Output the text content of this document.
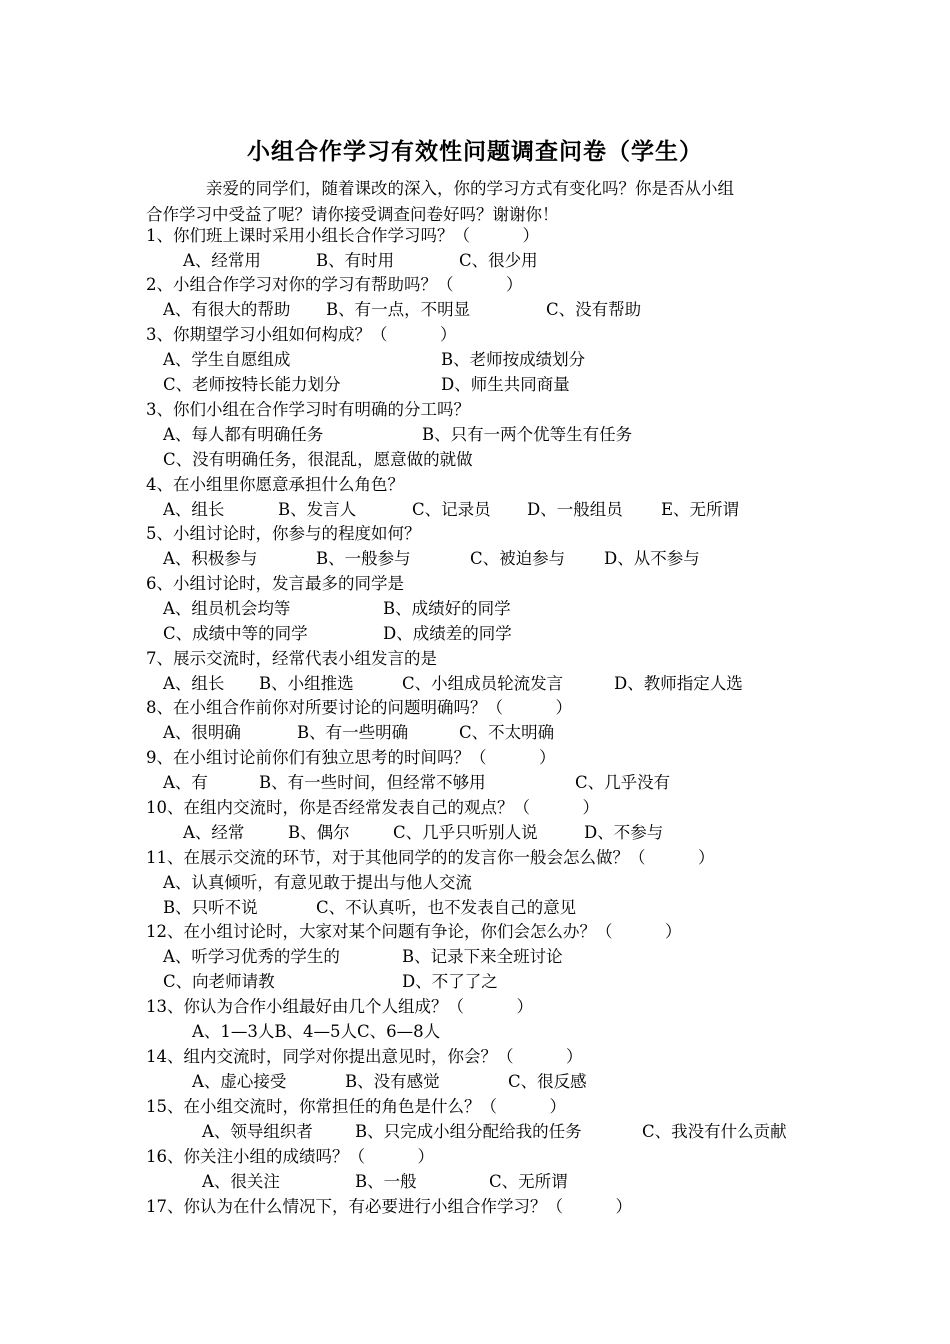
小组合作学习有效性问题调查问卷（学生）
亲爱的同学们，随着课改的深入，你的学习方式有变化吗？你是否从小组
合作学习中受益了呢？请你接受调查问卷好吗？谢谢你！
1、你们班上课时采用小组长合作学习吗？（          ）
A、经常用	B、有时用	C、很少用
2、小组合作学习对你的学习有帮助吗？（          ）
A、有很大的帮助 B、有一点，不明显	C、没有帮助
3、你期望学习小组如何构成？（          ）
A、学生自愿组成	B、老师按成绩划分
C、老师按特长能力划分	D、师生共同商量
3、你们小组在合作学习时有明确的分工吗？
A、每人都有明确任务	B、只有一两个优等生有任务
C、没有明确任务，很混乱，愿意做的就做
4、在小组里你愿意承担什么角色？
A、组长	B、发言人	C、记录员 D、一般组员 E、无所谓
5、小组讨论时，你参与的程度如何？
A、积极参与	B、一般参与	C、被迫参与 D、从不参与
6、小组讨论时，发言最多的同学是
A、组员机会均等	B、成绩好的同学
C、成绩中等的同学	D、成绩差的同学
7、展示交流时，经常代表小组发言的是
A、组长 B、小组推选	C、小组成员轮流发言	D、教师指定人选
8、在小组合作前你对所要讨论的问题明确吗？（          ）
A、很明确	B、有一些明确	C、不太明确
9、在小组讨论前你们有独立思考的时间吗？（          ）
A、有	B、有一些时间，但经常不够用	C、几乎没有
10、在组内交流时，你是否经常发表自己的观点？（          ）
A、经常	B、偶尔	C、几乎只听别人说	D、不参与
11、在展示交流的环节，对于其他同学的的发言你一般会怎么做？（          ）
A、认真倾听，有意见敢于提出与他人交流
B、只听不说	C、不认真听，也不发表自己的意见
12、在小组讨论时，大家对某个问题有争论，你们会怎么办？（          ）
A、听学习优秀的学生的	B、记录下来全班讨论
C、向老师请教	D、不了了之
13、你认为合作小组最好由几个人组成？（          ）
A、1—3人B、4—5人C、6—8人
14、组内交流时，同学对你提出意见时，你会？（          ）
A、虚心接受	B、没有感觉	C、很反感
15、在小组交流时，你常担任的角色是什么？（          ）
A、领导组织者	B、只完成小组分配给我的任务	C、我没有什么贡献
16、你关注小组的成绩吗？（          ）
A、很关注	B、一般	C、无所谓
17、你认为在什么情况下，有必要进行小组合作学习？（          ）
